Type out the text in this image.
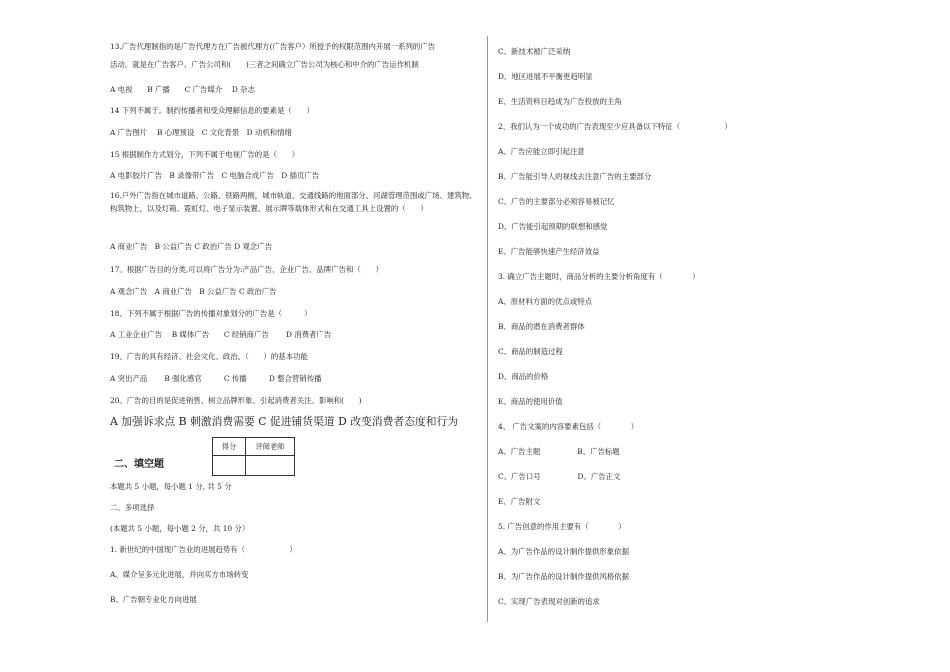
13.广告代理制指的是广告代理方在广告被代理方(广告客户）所授予的权限范围内开展一系列的广告
活动。就是在广告客户、广告公司和(　　)三者之间确立广告公司为核心和中介的广告运作机制
A 电视　　B 广播　　C 广告媒介　 D 杂志
14 下列不属于。制约传播者和受众理解信息的要素是（　　）
A 广告图片　 B 心理预设　C 文化背景　D 动机和情绪
15 根据制作方式划分，下列不属于电视广告的是（　　）
A 电影胶片广告　B 录像带广告　C 电脑合成广告　D 插页广告
16.户外广告指在城市道路、公路、铁路两侧，城市轨道、交通线路的地面部分、河湖管理范围或广场、建筑物、构筑物上，以及灯箱、霓虹灯、电子显示装置、展示牌等载体形式和在交通工具上设置的（　　）
A 商业广告　B 公益广告 C 政治广告 D 观念广告
17。根据广告目的分类,可以将广告分为:产品广告、企业广告、品牌广告和（　　）
A 观念广告　A 商业广告　B 公益广告 C 政治广告
18、下列不属于根据广告的传播对象划分的广告是（　　　）
A 工业企业广告　 B 媒体广告　　C 经销商广告　　 D 消费者广告
19、广告的具有经济、社会文化、政治、（　　）的基本功能
A 突出产品　　 B 强化感官　　　C 传播　　　D 整合营销传播
20。广告的目的是促进销售、树立品牌形象、引起消费者关注、影响和(　　)
A 加强诉求点 B 刺激消费需要 C 促进铺货渠道 D 改变消费者态度和行为
得分	评阅老师

二、填空题
本题共 5 小题，每小题 1 分, 共 5 分
二、多项选择
(本题共 5 小题，每小题 2 分，共 10 分）
1. 新世纪的中国现广告业的进展趋势有（　　　　　　）
A、媒介呈多元化进展，并向买方市场转变
B、广告朝专业化方向进展
C、新技术被广泛采纳
D、地区进展不平衡更趋明显
E、生活资料日趋成为广告投放的主角
2、我们认为一个成功的广告表现至少应具备以下特征（　　　　　　）
A、广告应能立即引起注意
B、广告能引导人的视线去注意广告的主要部分
C、广告的主要部分必须容易被记忆
D、广告能引起预期的联想和感觉
E、广告能够快速产生经济效益
3. 确立广告主题时，商品分析的主要分析角度有（　　　　）
A、原材料方面的优点或特点
B、商品的潜在消费者群体
C、商品的制造过程
D、商品的价格
E、商品的使用价值
4、 广告文案的内容要素包括（　　　　）
A、广告主题　　　　　B、广告标题
C、广告口号　　　　　D、广告正文
E、广告附文
5. 广告创意的作用主要有（　　　　）
A、为广告作品的设计制作提供形象依据
B、为广告作品的设计制作提供风格依据
C、实现广告表现对创新的追求
